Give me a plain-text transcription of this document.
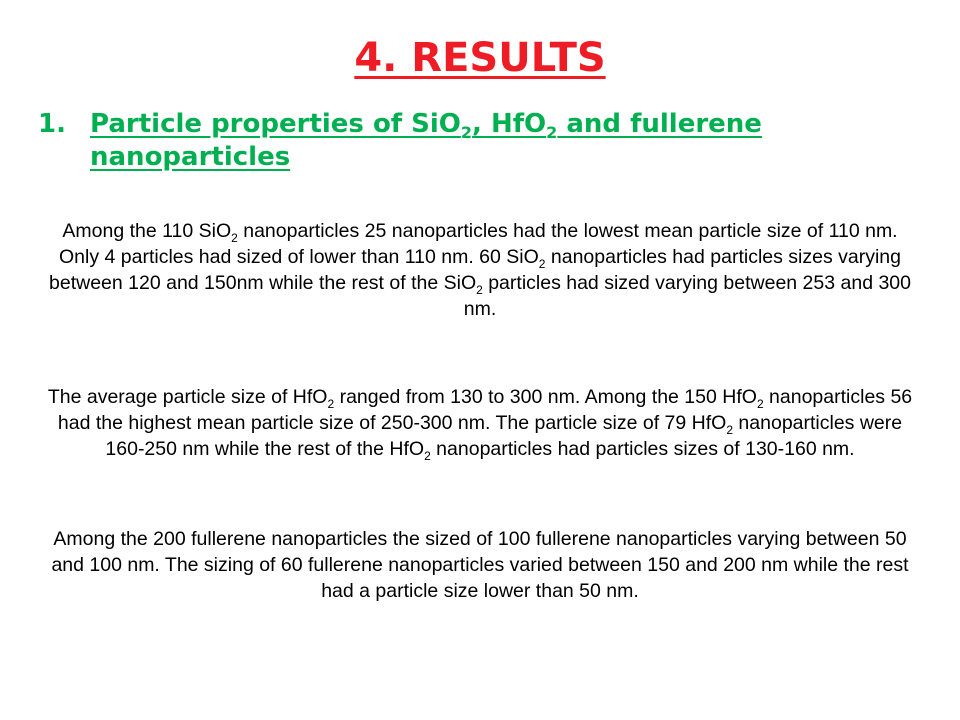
4. RESULTS
1. Particle properties of SiO$_2$, HfO$_2$ and fullerene nanoparticles

Among the 110 SiO$_2$ nanoparticles 25 nanoparticles had the lowest mean particle size of 110 nm. Only 4 particles had sized of lower than 110 nm. 60 SiO$_2$ nanoparticles had particles sizes varying between 120 and 150nm while the rest of the SiO$_2$ particles had sized varying between 253 and 300 nm.

The average particle size of HfO$_2$ ranged from 130 to 300 nm. Among the 150 HfO$_2$ nanoparticles 56 had the highest mean particle size of 250-300 nm. The particle size of 79 HfO$_2$ nanoparticles were 160-250 nm while the rest of the HfO$_2$ nanoparticles had particles sizes of 130-160 nm.

Among the 200 fullerene nanoparticles the sized of 100 fullerene nanoparticles varying between 50 and 100 nm. The sizing of 60 fullerene nanoparticles varied between 150 and 200 nm while the rest had a particle size lower than 50 nm.
